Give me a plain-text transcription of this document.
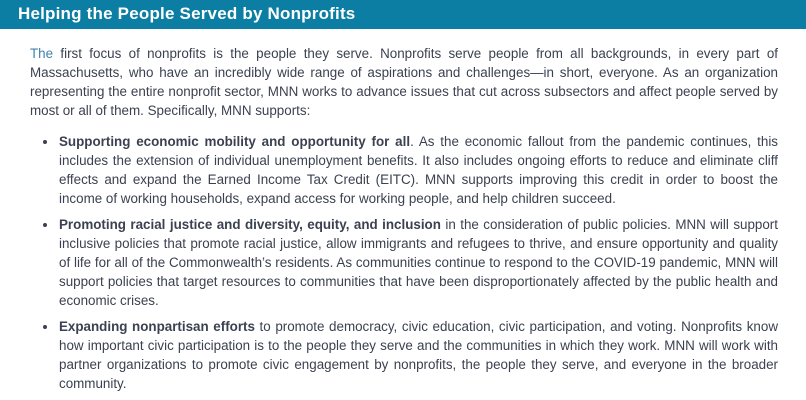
Helping the People Served by Nonprofits

The first focus of nonprofits is the people they serve. Nonprofits serve people from all backgrounds, in every part of Massachusetts, who have an incredibly wide range of aspirations and challenges—in short, everyone. As an organization representing the entire nonprofit sector, MNN works to advance issues that cut across subsectors and affect people served by most or all of them. Specifically, MNN supports:

• Supporting economic mobility and opportunity for all. As the economic fallout from the pandemic continues, this includes the extension of individual unemployment benefits. It also includes ongoing efforts to reduce and eliminate cliff effects and expand the Earned Income Tax Credit (EITC). MNN supports improving this credit in order to boost the income of working households, expand access for working people, and help children succeed.
• Promoting racial justice and diversity, equity, and inclusion in the consideration of public policies. MNN will support inclusive policies that promote racial justice, allow immigrants and refugees to thrive, and ensure opportunity and quality of life for all of the Commonwealth’s residents. As communities continue to respond to the COVID-19 pandemic, MNN will support policies that target resources to communities that have been disproportionately affected by the public health and economic crises.
• Expanding nonpartisan efforts to promote democracy, civic education, civic participation, and voting. Nonprofits know how important civic participation is to the people they serve and the communities in which they work. MNN will work with partner organizations to promote civic engagement by nonprofits, the people they serve, and everyone in the broader community.
